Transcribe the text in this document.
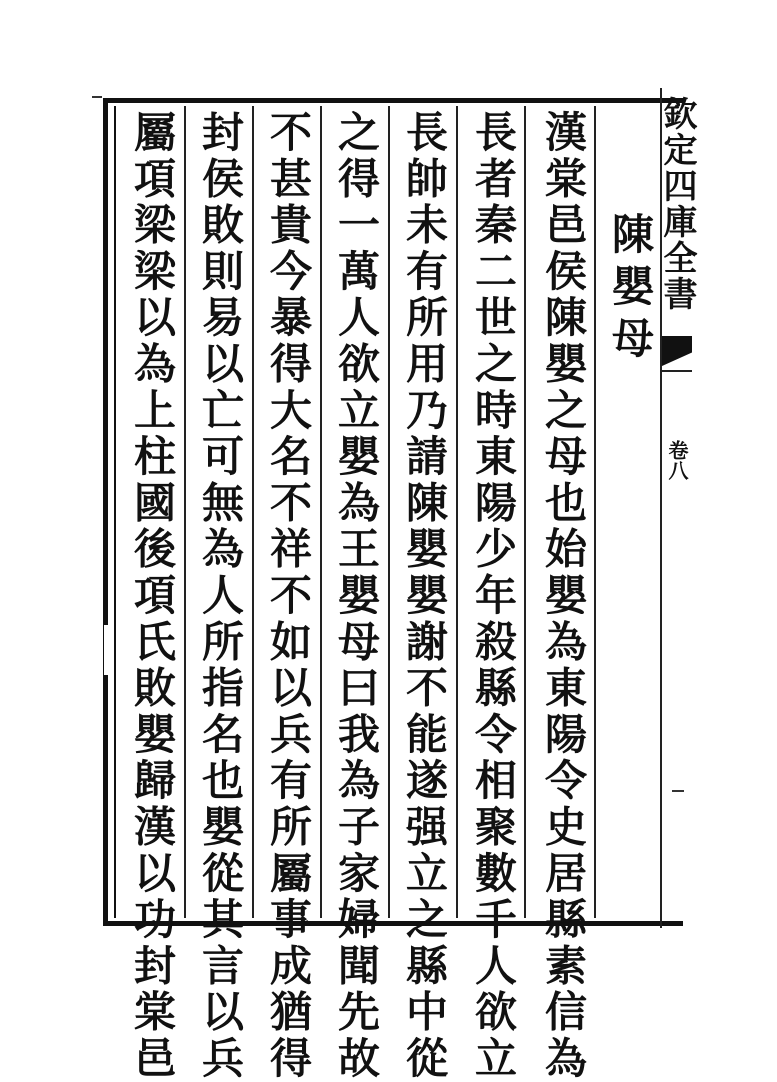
欽定四庫全書
卷八
陳嬰母
漢棠邑侯陳嬰之母也始嬰為東陽令史居縣素信為
長者秦二世之時東陽少年殺縣令相聚數千人欲立
長帥未有所用乃請陳嬰嬰謝不能遂强立之縣中從
之得一萬人欲立嬰為王嬰母曰我為子家婦聞先故
不甚貴今暴得大名不祥不如以兵有所屬事成猶得
封侯敗則易以亡可無為人所指名也嬰從其言以兵
屬項梁梁以為上柱國後項氏敗嬰歸漢以功封棠邑
